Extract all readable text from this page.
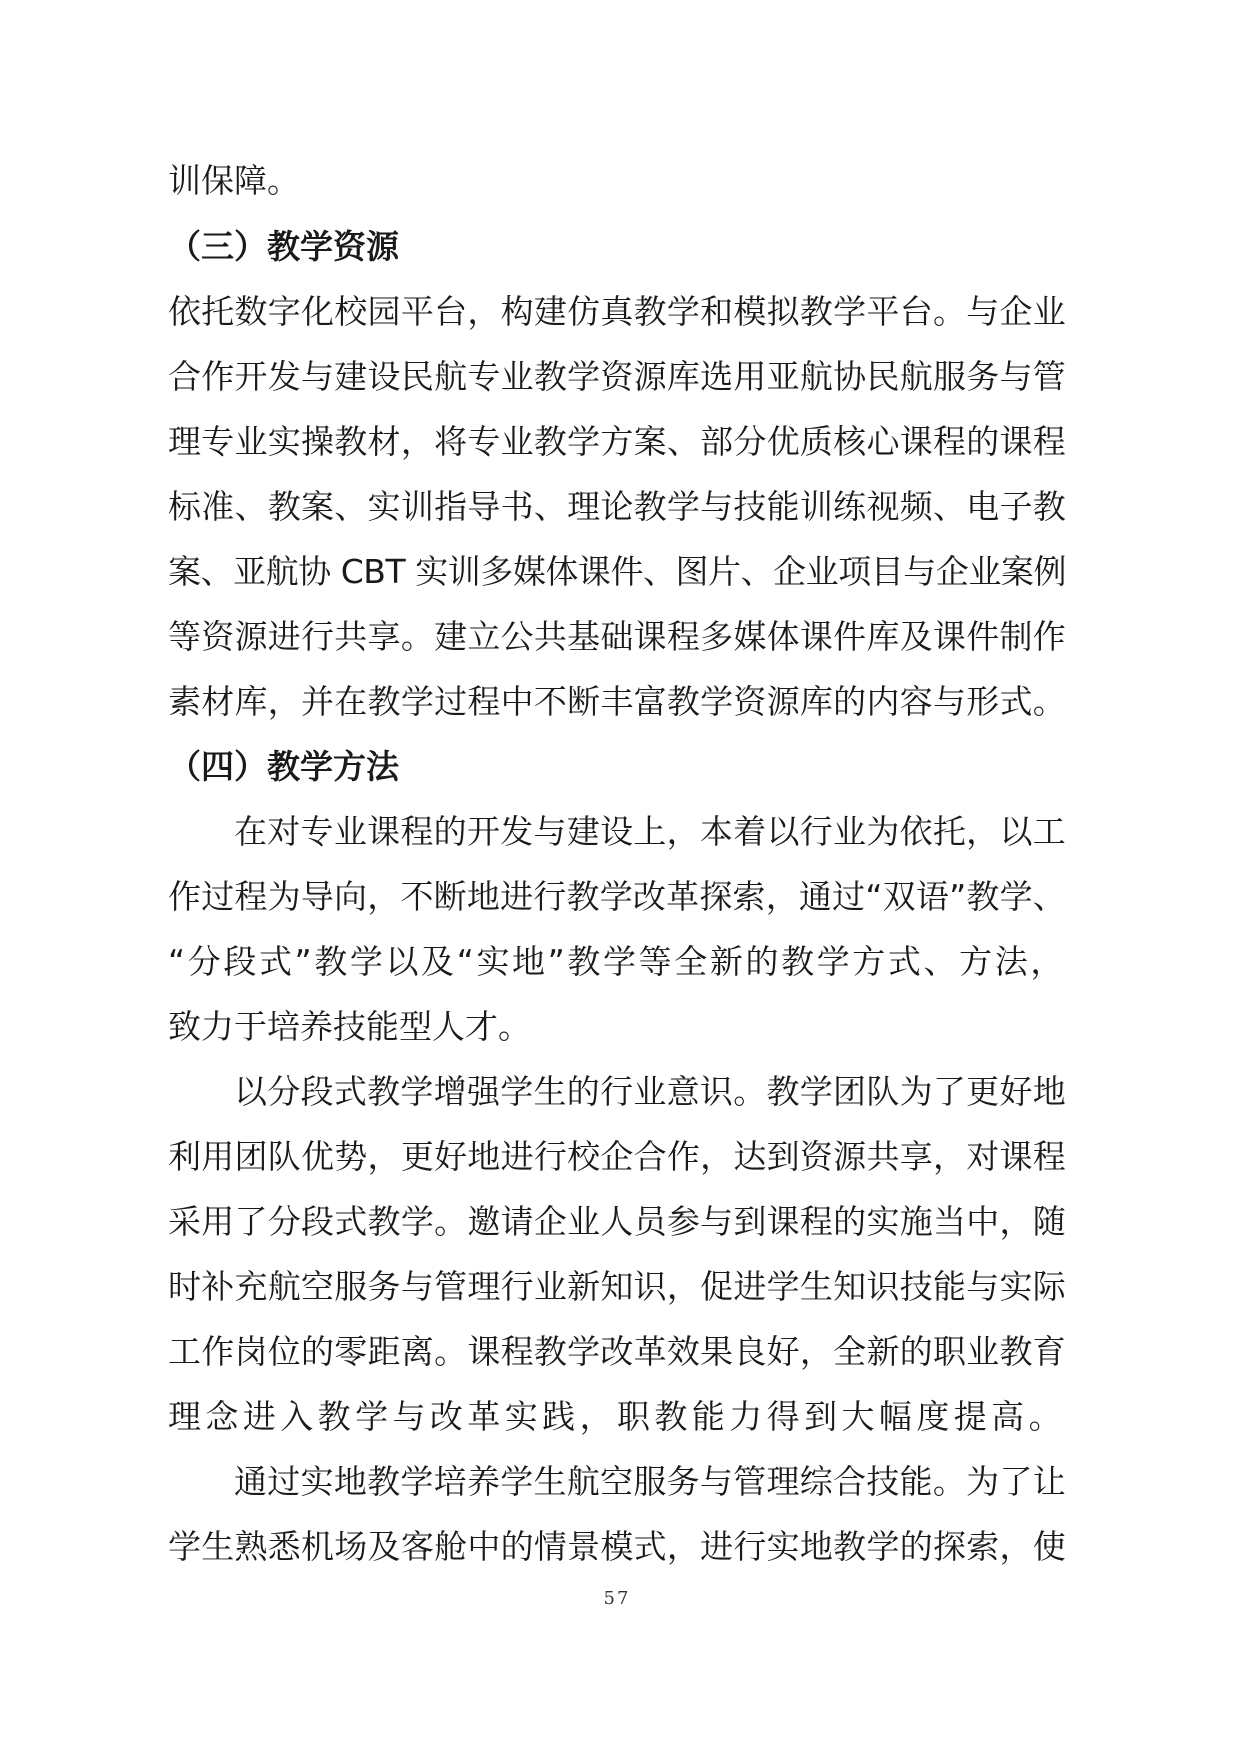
训保障。
（三）教学资源
依托数字化校园平台，构建仿真教学和模拟教学平台。与企业
合作开发与建设民航专业教学资源库选用亚航协民航服务与管
理专业实操教材，将专业教学方案、部分优质核心课程的课程
标准、教案、实训指导书、理论教学与技能训练视频、电子教
案、亚航协 CBT 实训多媒体课件、图片、企业项目与企业案例
等资源进行共享。建立公共基础课程多媒体课件库及课件制作
素材库，并在教学过程中不断丰富教学资源库的内容与形式。
（四）教学方法
在对专业课程的开发与建设上，本着以行业为依托，以工
作过程为导向，不断地进行教学改革探索，通过“双语”教学、
“分段式”教学以及“实地”教学等全新的教学方式、方法，
致力于培养技能型人才。
以分段式教学增强学生的行业意识。教学团队为了更好地
利用团队优势，更好地进行校企合作，达到资源共享，对课程
采用了分段式教学。邀请企业人员参与到课程的实施当中，随
时补充航空服务与管理行业新知识，促进学生知识技能与实际
工作岗位的零距离。课程教学改革效果良好，全新的职业教育
理念进入教学与改革实践，职教能力得到大幅度提高。
通过实地教学培养学生航空服务与管理综合技能。为了让
学生熟悉机场及客舱中的情景模式，进行实地教学的探索，使
57
